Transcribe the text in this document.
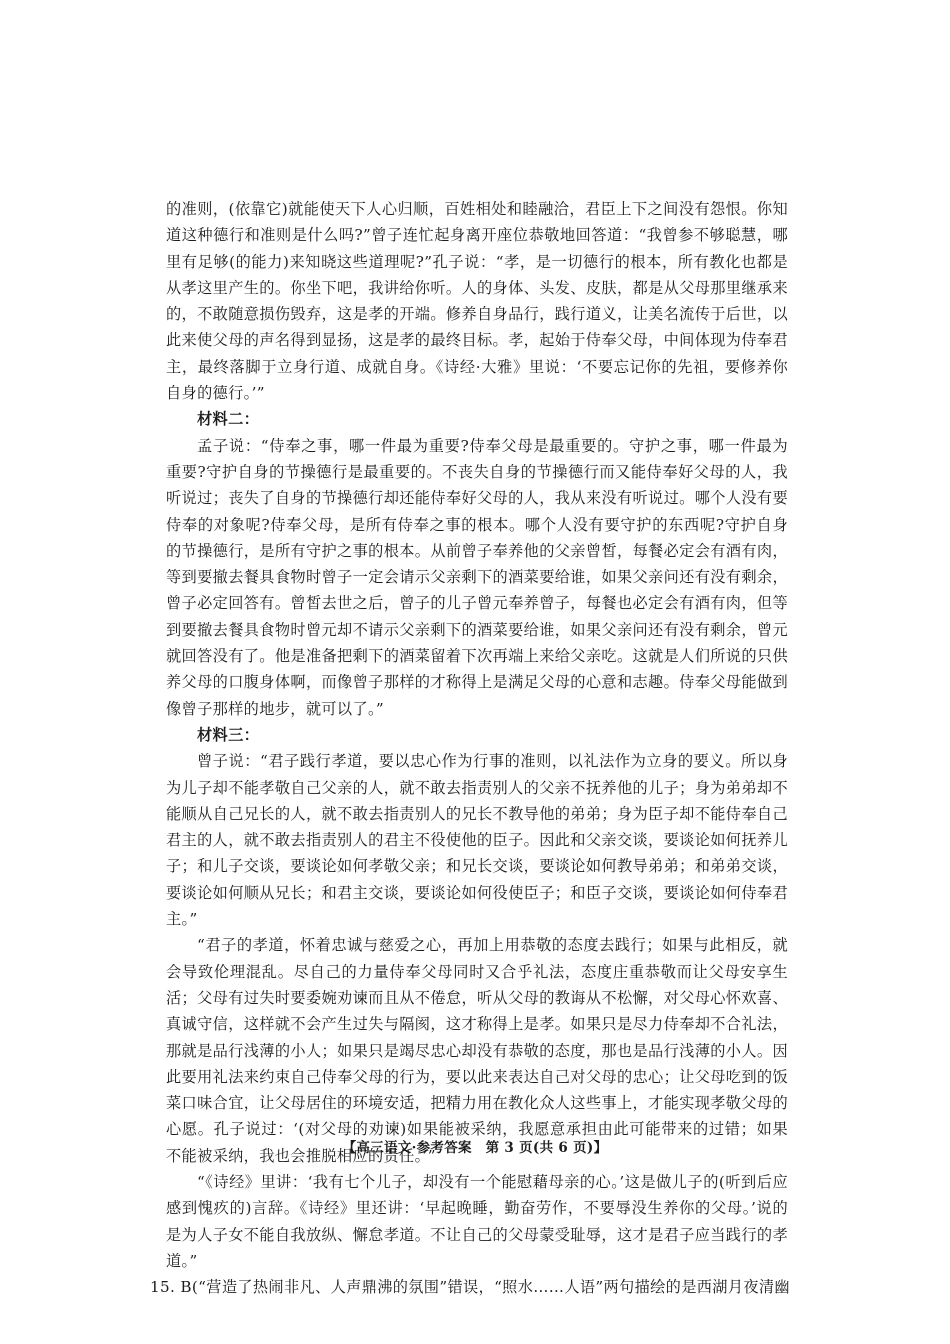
的准则，(依靠它)就能使天下人心归顺，百姓相处和睦融洽，君臣上下之间没有怨恨。你知道这种德行和准则是什么吗?”曾子连忙起身离开座位恭敬地回答道：“我曾参不够聪慧，哪里有足够(的能力)来知晓这些道理呢?”孔子说：“孝，是一切德行的根本，所有教化也都是从孝这里产生的。你坐下吧，我讲给你听。人的身体、头发、皮肤，都是从父母那里继承来的，不敢随意损伤毁弃，这是孝的开端。修养自身品行，践行道义，让美名流传于后世，以此来使父母的声名得到显扬，这是孝的最终目标。孝，起始于侍奉父母，中间体现为侍奉君主，最终落脚于立身行道、成就自身。《诗经·大雅》里说：‘不要忘记你的先祖，要修养你自身的德行。’”

材料二：

孟子说：“侍奉之事，哪一件最为重要?侍奉父母是最重要的。守护之事，哪一件最为重要?守护自身的节操德行是最重要的。不丧失自身的节操德行而又能侍奉好父母的人，我听说过；丧失了自身的节操德行却还能侍奉好父母的人，我从来没有听说过。哪个人没有要侍奉的对象呢?侍奉父母，是所有侍奉之事的根本。哪个人没有要守护的东西呢?守护自身的节操德行，是所有守护之事的根本。从前曾子奉养他的父亲曾皙，每餐必定会有酒有肉，等到要撤去餐具食物时曾子一定会请示父亲剩下的酒菜要给谁，如果父亲问还有没有剩余，曾子必定回答有。曾皙去世之后，曾子的儿子曾元奉养曾子，每餐也必定会有酒有肉，但等到要撤去餐具食物时曾元却不请示父亲剩下的酒菜要给谁，如果父亲问还有没有剩余，曾元就回答没有了。他是准备把剩下的酒菜留着下次再端上来给父亲吃。这就是人们所说的只供养父母的口腹身体啊，而像曾子那样的才称得上是满足父母的心意和志趣。侍奉父母能做到像曾子那样的地步，就可以了。”

材料三：

曾子说：“君子践行孝道，要以忠心作为行事的准则，以礼法作为立身的要义。所以身为儿子却不能孝敬自己父亲的人，就不敢去指责别人的父亲不抚养他的儿子；身为弟弟却不能顺从自己兄长的人，就不敢去指责别人的兄长不教导他的弟弟；身为臣子却不能侍奉自己君主的人，就不敢去指责别人的君主不役使他的臣子。因此和父亲交谈，要谈论如何抚养儿子；和儿子交谈，要谈论如何孝敬父亲；和兄长交谈，要谈论如何教导弟弟；和弟弟交谈，要谈论如何顺从兄长；和君主交谈，要谈论如何役使臣子；和臣子交谈，要谈论如何侍奉君主。”

“君子的孝道，怀着忠诚与慈爱之心，再加上用恭敬的态度去践行；如果与此相反，就会导致伦理混乱。尽自己的力量侍奉父母同时又合乎礼法，态度庄重恭敬而让父母安享生活；父母有过失时要委婉劝谏而且从不倦怠，听从父母的教诲从不松懈，对父母心怀欢喜、真诚守信，这样就不会产生过失与隔阂，这才称得上是孝。如果只是尽力侍奉却不合礼法，那就是品行浅薄的小人；如果只是竭尽忠心却没有恭敬的态度，那也是品行浅薄的小人。因此要用礼法来约束自己侍奉父母的行为，要以此来表达自己对父母的忠心；让父母吃到的饭菜口味合宜，让父母居住的环境安适，把精力用在教化众人这些事上，才能实现孝敬父母的心愿。孔子说过：‘(对父母的劝谏)如果能被采纳，我愿意承担由此可能带来的过错；如果不能被采纳，我也会推脱相应的责任。’”

“《诗经》里讲：‘我有七个儿子，却没有一个能慰藉母亲的心。’这是做儿子的(听到后应感到愧疚的)言辞。《诗经》里还讲：‘早起晚睡，勤奋劳作，不要辱没生养你的父母。’说的是为人子女不能自我放纵、懈怠孝道。不让自己的父母蒙受耻辱，这才是君子应当践行的孝道。”

15. B(“营造了热闹非凡、人声鼎沸的氛围”错误，“照水……人语”两句描绘的是西湖月夜清幽

【高三语文·参考答案　第 3 页(共 6 页)】
